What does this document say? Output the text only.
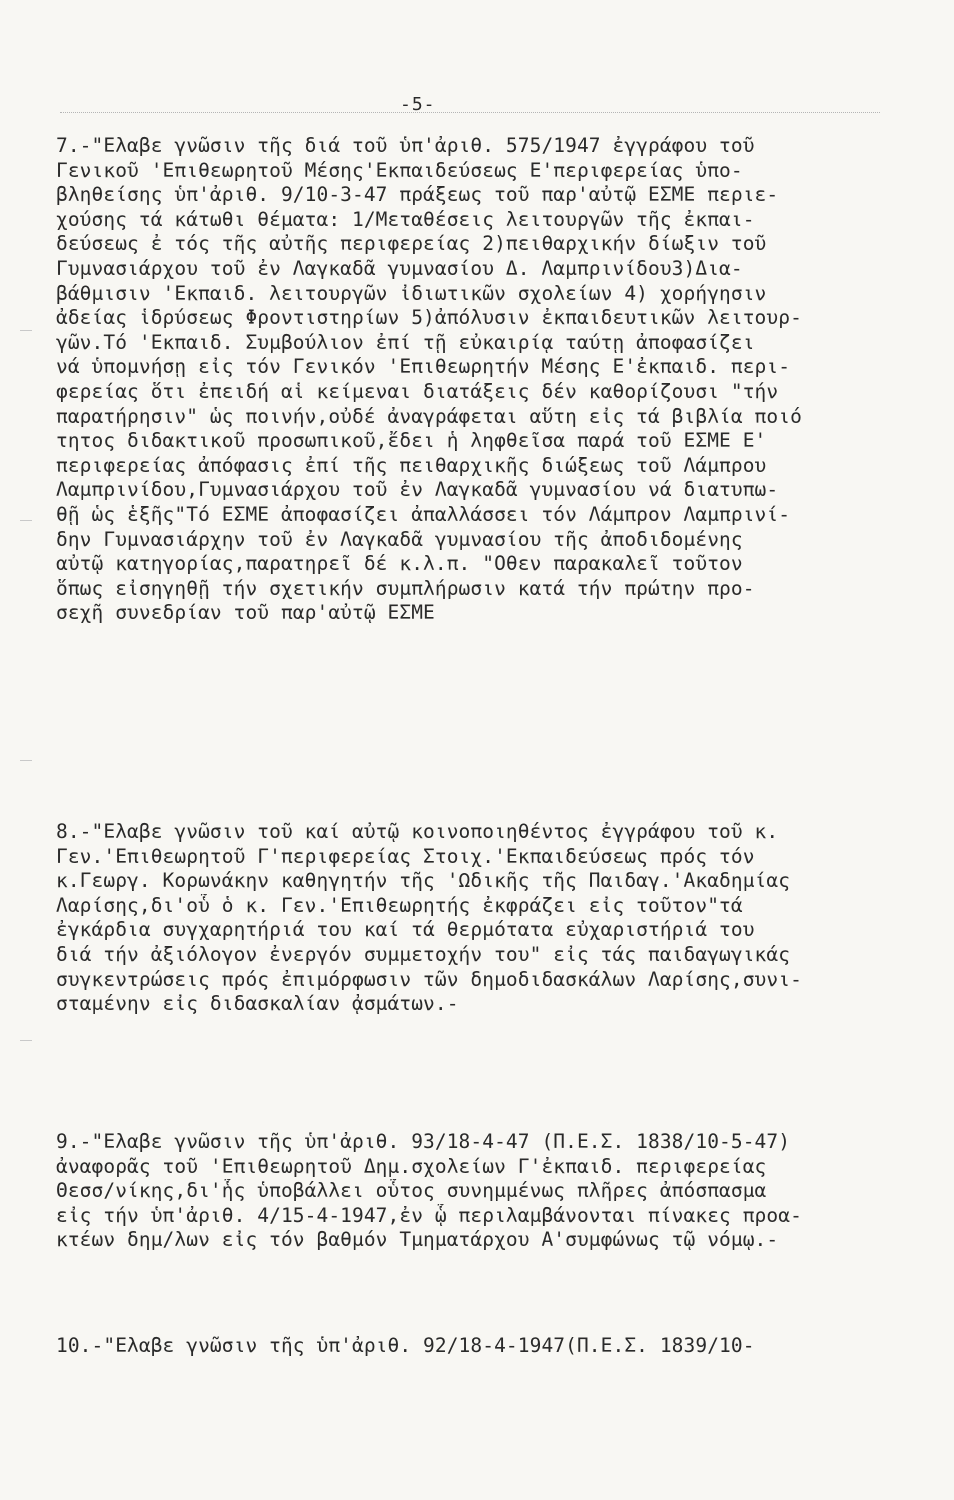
-5-
7.-"Ελαβε γνῶσιν τῆς διά τοῦ ὑπ'ἀριθ. 575/1947 ἐγγράφου τοῦ
Γενικοῦ 'Επιθεωρητοῦ Μέσης'Εκπαιδεύσεως Ε'περιφερείας ὑπο-
βληθείσης ὑπ'ἀριθ. 9/10-3-47 πράξεως τοῦ παρ'αὐτῷ ΕΣΜΕ περιε-
χούσης τά κάτωθι θέματα: 1/Μεταθέσεις λειτουργῶν τῆς ἐκπαι-
δεύσεως ἐ τός τῆς αὐτῆς περιφερείας 2)πειθαρχικήν δίωξιν τοῦ
Γυμνασιάρχου τοῦ ἐν Λαγκαδᾶ γυμνασίου Δ. Λαμπρινίδου3)Δια-
βάθμισιν 'Εκπαιδ. λειτουργῶν ἰδιωτικῶν σχολείων 4) χορήγησιν
ἀδείας ἱδρύσεως Φροντιστηρίων 5)ἀπόλυσιν ἐκπαιδευτικῶν λειτουρ-
γῶν.Τό 'Εκπαιδ. Συμβούλιον ἐπί τῇ εὐκαιρίᾳ ταύτῃ ἀποφασίζει
νά ὑπομνήσῃ εἰς τόν Γενικόν 'Επιθεωρητήν Μέσης Ε'ἐκπαιδ. περι-
φερείας ὅτι ἐπειδή αἱ κείμεναι διατάξεις δέν καθορίζουσι "τήν
παρατήρησιν" ὡς ποινήν,οὐδέ ἀναγράφεται αὕτη εἰς τά βιβλία ποιό
τητος διδακτικοῦ προσωπικοῦ,ἔδει ἡ ληφθεῖσα παρά τοῦ ΕΣΜΕ Ε'
περιφερείας ἀπόφασις ἐπί τῆς πειθαρχικῆς διώξεως τοῦ Λάμπρου
Λαμπρινίδου,Γυμνασιάρχου τοῦ ἐν Λαγκαδᾶ γυμνασίου νά διατυπω-
θῇ ὡς ἑξῆς"Τό ΕΣΜΕ ἀποφασίζει ἀπαλλάσσει τόν Λάμπρον Λαμπρινί-
δην Γυμνασιάρχην τοῦ ἐν Λαγκαδᾶ γυμνασίου τῆς ἀποδιδομένης
αὐτῷ κατηγορίας,παρατηρεῖ δέ κ.λ.π. "Οθεν παρακαλεῖ τοῦτον
ὅπως εἰσηγηθῇ τήν σχετικήν συμπλήρωσιν κατά τήν πρώτην προ-
σεχῆ συνεδρίαν τοῦ παρ'αὐτῷ ΕΣΜΕ
8.-"Ελαβε γνῶσιν τοῦ καί αὐτῷ κοινοποιηθέντος ἐγγράφου τοῦ κ.
Γεν.'Επιθεωρητοῦ Γ'περιφερείας Στοιχ.'Εκπαιδεύσεως πρός τόν
κ.Γεωργ. Κορωνάκην καθηγητήν τῆς 'Ωδικῆς τῆς Παιδαγ.'Ακαδημίας
Λαρίσης,δι'οὗ ὁ κ. Γεν.'Επιθεωρητής ἐκφράζει εἰς τοῦτον"τά
ἐγκάρδια συγχαρητήριά του καί τά θερμότατα εὐχαριστήριά του
διά τήν ἀξιόλογον ἐνεργόν συμμετοχήν του" εἰς τάς παιδαγωγικάς
συγκεντρώσεις πρός ἐπιμόρφωσιν τῶν δημοδιδασκάλων Λαρίσης,συνι-
σταμένην εἰς διδασκαλίαν ᾀσμάτων.-
9.-"Ελαβε γνῶσιν τῆς ὑπ'ἀριθ. 93/18-4-47 (Π.Ε.Σ. 1838/10-5-47)
ἀναφορᾶς τοῦ 'Επιθεωρητοῦ Δημ.σχολείων Γ'ἐκπαιδ. περιφερείας
Θεσσ/νίκης,δι'ἧς ὑποβάλλει οὗτος συνημμένως πλῆρες ἀπόσπασμα
εἰς τήν ὑπ'ἀριθ. 4/15-4-1947,ἐν ᾧ περιλαμβάνονται πίνακες προα-
κτέων δημ/λων εἰς τόν βαθμόν Τμηματάρχου Α'συμφώνως τῷ νόμῳ.-
10.-"Ελαβε γνῶσιν τῆς ὑπ'ἀριθ. 92/18-4-1947(Π.Ε.Σ. 1839/10-
